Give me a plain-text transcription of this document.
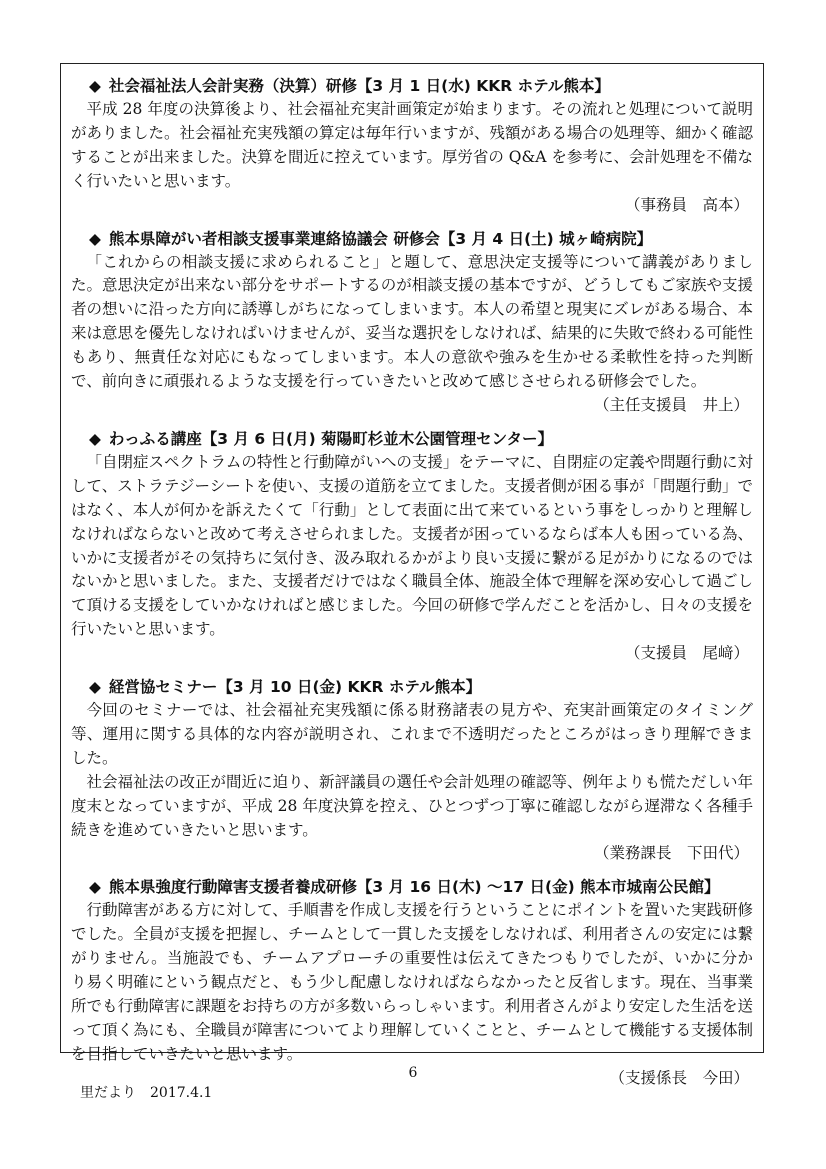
◆ 社会福祉法人会計実務（決算）研修【3 月 1 日(水) KKR ホテル熊本】

平成 28 年度の決算後より、社会福祉充実計画策定が始まります。その流れと処理について説明がありました。社会福祉充実残額の算定は毎年行いますが、残額がある場合の処理等、細かく確認することが出来ました。決算を間近に控えています。厚労省の Q&A を参考に、会計処理を不備なく行いたいと思います。

（事務員　高本）

◆ 熊本県障がい者相談支援事業連絡協議会 研修会【3 月 4 日(土) 城ヶ崎病院】

「これからの相談支援に求められること」と題して、意思決定支援等について講義がありました。意思決定が出来ない部分をサポートするのが相談支援の基本ですが、どうしてもご家族や支援者の想いに沿った方向に誘導しがちになってしまいます。本人の希望と現実にズレがある場合、本来は意思を優先しなければいけませんが、妥当な選択をしなければ、結果的に失敗で終わる可能性もあり、無責任な対応にもなってしまいます。本人の意欲や強みを生かせる柔軟性を持った判断で、前向きに頑張れるような支援を行っていきたいと改めて感じさせられる研修会でした。

（主任支援員　井上）

◆ わっふる講座【3 月 6 日(月) 菊陽町杉並木公園管理センター】

「自閉症スペクトラムの特性と行動障がいへの支援」をテーマに、自閉症の定義や問題行動に対して、ストラテジーシートを使い、支援の道筋を立てました。支援者側が困る事が「問題行動」ではなく、本人が何かを訴えたくて「行動」として表面に出て来ているという事をしっかりと理解しなければならないと改めて考えさせられました。支援者が困っているならば本人も困っている為、いかに支援者がその気持ちに気付き、汲み取れるかがより良い支援に繋がる足がかりになるのではないかと思いました。また、支援者だけではなく職員全体、施設全体で理解を深め安心して過ごして頂ける支援をしていかなければと感じました。今回の研修で学んだことを活かし、日々の支援を行いたいと思います。

（支援員　尾﨑）

◆ 経営協セミナー【3 月 10 日(金) KKR ホテル熊本】

今回のセミナーでは、社会福祉充実残額に係る財務諸表の見方や、充実計画策定のタイミング等、運用に関する具体的な内容が説明され、これまで不透明だったところがはっきり理解できました。

社会福祉法の改正が間近に迫り、新評議員の選任や会計処理の確認等、例年よりも慌ただしい年度末となっていますが、平成 28 年度決算を控え、ひとつずつ丁寧に確認しながら遅滞なく各種手続きを進めていきたいと思います。

（業務課長　下田代）

◆ 熊本県強度行動障害支援者養成研修【3 月 16 日(木) ～17 日(金) 熊本市城南公民館】

行動障害がある方に対して、手順書を作成し支援を行うということにポイントを置いた実践研修でした。全員が支援を把握し、チームとして一貫した支援をしなければ、利用者さんの安定には繋がりません。当施設でも、チームアプローチの重要性は伝えてきたつもりでしたが、いかに分かり易く明確にという観点だと、もう少し配慮しなければならなかったと反省します。現在、当事業所でも行動障害に課題をお持ちの方が多数いらっしゃいます。利用者さんがより安定した生活を送って頂く為にも、全職員が障害についてより理解していくことと、チームとして機能する支援体制を目指していきたいと思います。

（支援係長　今田）

6
里だより　2017.4.1
